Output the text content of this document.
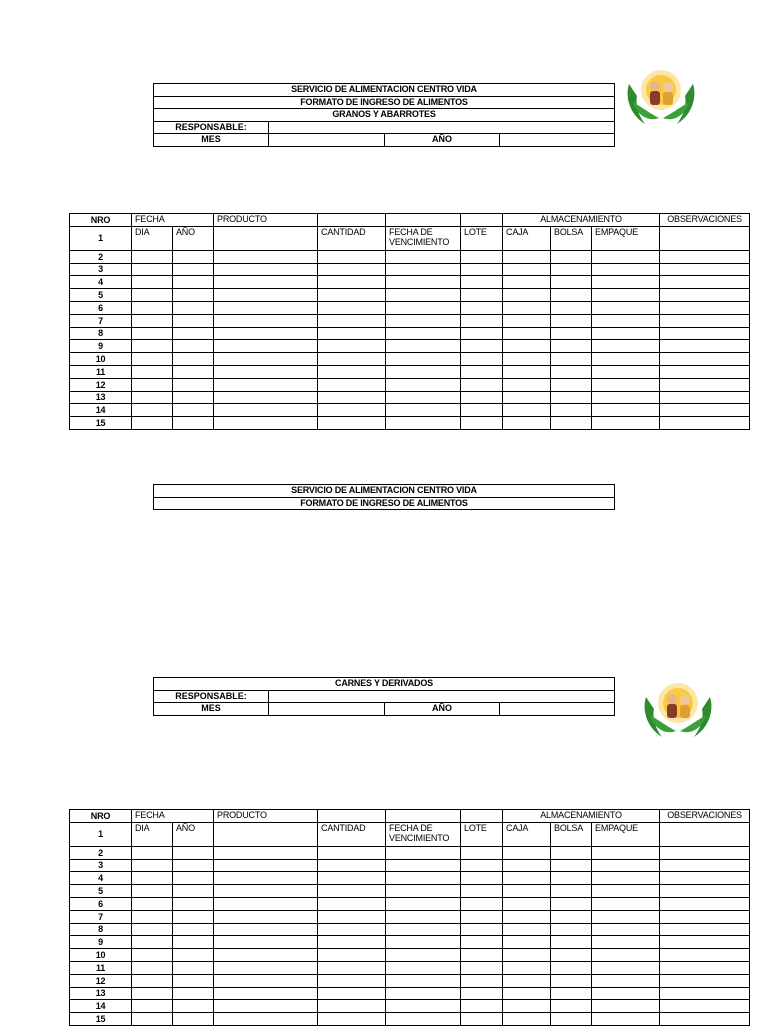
SERVICIO DE ALIMENTACION CENTRO VIDA
FORMATO DE INGRESO DE ALIMENTOS
GRANOS Y ABARROTES
RESPONSABLE:
MES	AÑO
NRO	FECHA		PRODUCTO				ALMACENAMIENTO			OBSERVACIONES
1	DIA	AÑO		CANTIDAD	FECHA DE VENCIMIENTO	LOTE	CAJA	BOLSA	EMPAQUE	
2										
3										
4										
5										
6										
7										
8										
9										
10										
11										
12										
13										
14										
15										
SERVICIO DE ALIMENTACION CENTRO VIDA
FORMATO DE INGRESO DE ALIMENTOS
CARNES Y DERIVADOS
RESPONSABLE:
MES	AÑO
NRO	FECHA		PRODUCTO				ALMACENAMIENTO			OBSERVACIONES
1	DIA	AÑO		CANTIDAD	FECHA DE VENCIMIENTO	LOTE	CAJA	BOLSA	EMPAQUE	
2										
3										
4										
5										
6										
7										
8										
9										
10										
11										
12										
13										
14										
15										
